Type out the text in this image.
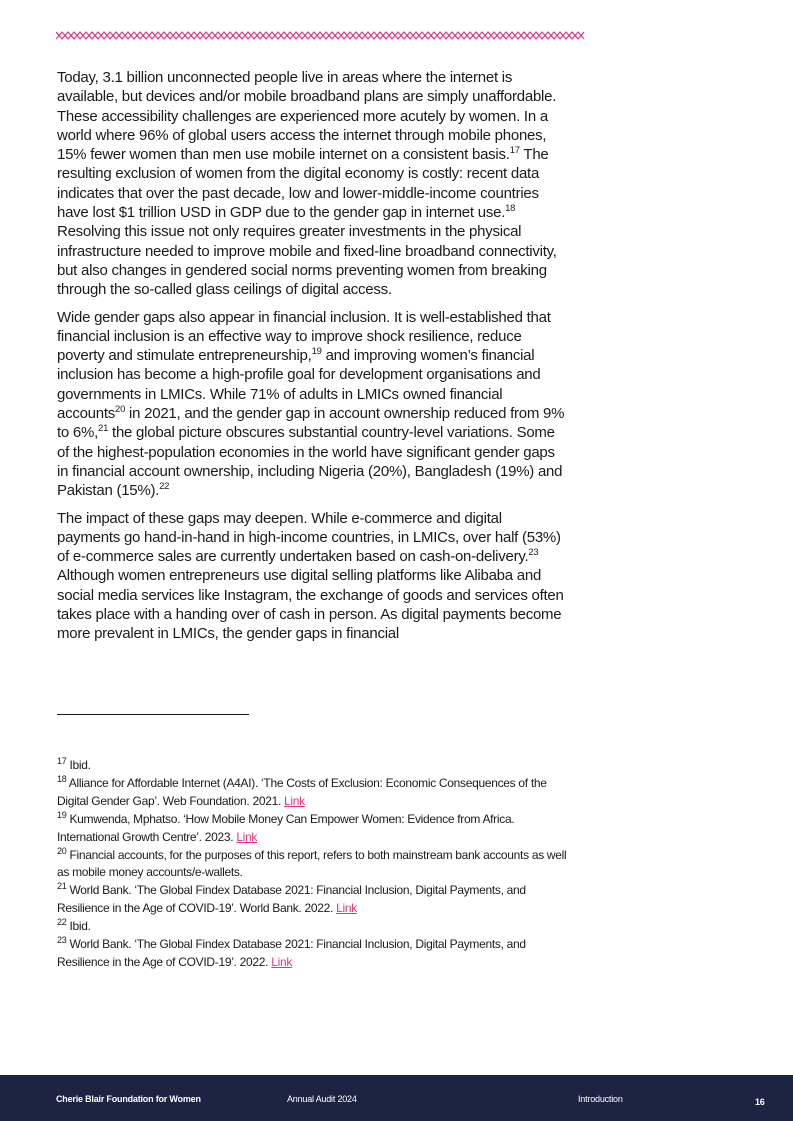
Today, 3.1 billion unconnected people live in areas where the internet is available, but devices and/or mobile broadband plans are simply unaffordable. These accessibility challenges are experienced more acutely by women. In a world where 96% of global users access the internet through mobile phones, 15% fewer women than men use mobile internet on a consistent basis.$^{17}$ The resulting exclusion of women from the digital economy is costly: recent data indicates that over the past decade, low and lower-middle-income countries have lost $1 trillion USD in GDP due to the gender gap in internet use.$^{18}$ Resolving this issue not only requires greater investments in the physical infrastructure needed to improve mobile and fixed-line broadband connectivity, but also changes in gendered social norms preventing women from breaking through the so-called glass ceilings of digital access.

Wide gender gaps also appear in financial inclusion. It is well-established that financial inclusion is an effective way to improve shock resilience, reduce poverty and stimulate entrepreneurship,$^{19}$ and improving women’s financial inclusion has become a high-profile goal for development organisations and governments in LMICs. While 71% of adults in LMICs owned financial accounts$^{20}$ in 2021, and the gender gap in account ownership reduced from 9% to 6%,$^{21}$ the global picture obscures substantial country-level variations. Some of the highest-population economies in the world have significant gender gaps in financial account ownership, including Nigeria (20%), Bangladesh (19%) and Pakistan (15%).$^{22}$

The impact of these gaps may deepen. While e-commerce and digital payments go hand-in-hand in high-income countries, in LMICs, over half (53%) of e-commerce sales are currently undertaken based on cash-on-delivery.$^{23}$ Although women entrepreneurs use digital selling platforms like Alibaba and social media services like Instagram, the exchange of goods and services often takes place with a handing over of cash in person. As digital payments become more prevalent in LMICs, the gender gaps in financial

$^{17}$ Ibid.
$^{18}$ Alliance for Affordable Internet (A4AI). ‘The Costs of Exclusion: Economic Consequences of the Digital Gender Gap’. Web Foundation. 2021. Link
$^{19}$ Kumwenda, Mphatso. ‘How Mobile Money Can Empower Women: Evidence from Africa. International Growth Centre’. 2023. Link
$^{20}$ Financial accounts, for the purposes of this report, refers to both mainstream bank accounts as well as mobile money accounts/e-wallets.
$^{21}$ World Bank. ‘The Global Findex Database 2021: Financial Inclusion, Digital Payments, and Resilience in the Age of COVID-19’. World Bank. 2022. Link
$^{22}$ Ibid.
$^{23}$ World Bank. ‘The Global Findex Database 2021: Financial Inclusion, Digital Payments, and Resilience in the Age of COVID-19’. 2022. Link
Cherie Blair Foundation for Women	Annual Audit 2024	Introduction	16
